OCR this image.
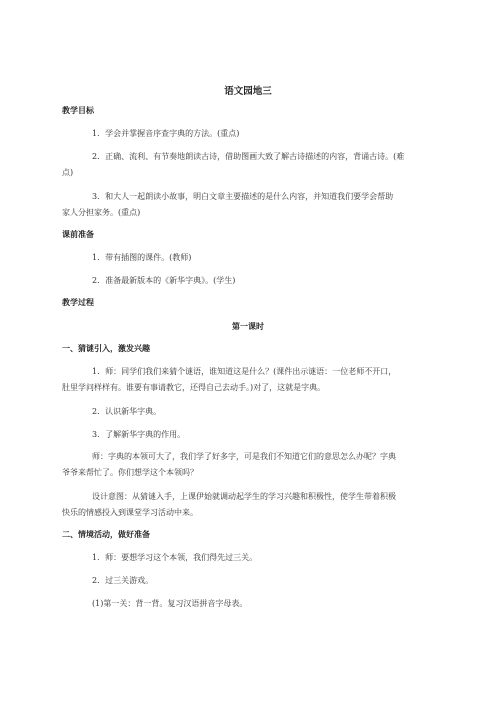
语文园地三
教学目标
1．学会并掌握音序查字典的方法。(重点)
2．正确、流利、有节奏地朗读古诗，借助图画大致了解古诗描述的内容，背诵古诗。(难
点)
3．和大人一起朗读小故事，明白文章主要描述的是什么内容，并知道我们要学会帮助
家人分担家务。(重点)
课前准备
1．带有插图的课件。(教师)
2．准备最新版本的《新华字典》。(学生)
教学过程
第一课时
一、猜谜引入，激发兴趣
1．师：同学们我们来猜个谜语，谁知道这是什么？(课件出示谜语：一位老师不开口，
肚里学问样样有。谁要有事请教它，还得自己去动手。)对了，这就是字典。
2．认识新华字典。
3．了解新华字典的作用。
师：字典的本领可大了，我们学了好多字，可是我们不知道它们的意思怎么办呢？字典
爷爷来帮忙了。你们想学这个本领吗？
设计意图：从猜谜入手，上课伊始就调动起学生的学习兴趣和积极性，使学生带着积极
快乐的情感投入到课堂学习活动中来。
二、情境活动，做好准备
1．师：要想学习这个本领，我们得先过三关。
2．过三关游戏。
(1)第一关：背一背。复习汉语拼音字母表。
